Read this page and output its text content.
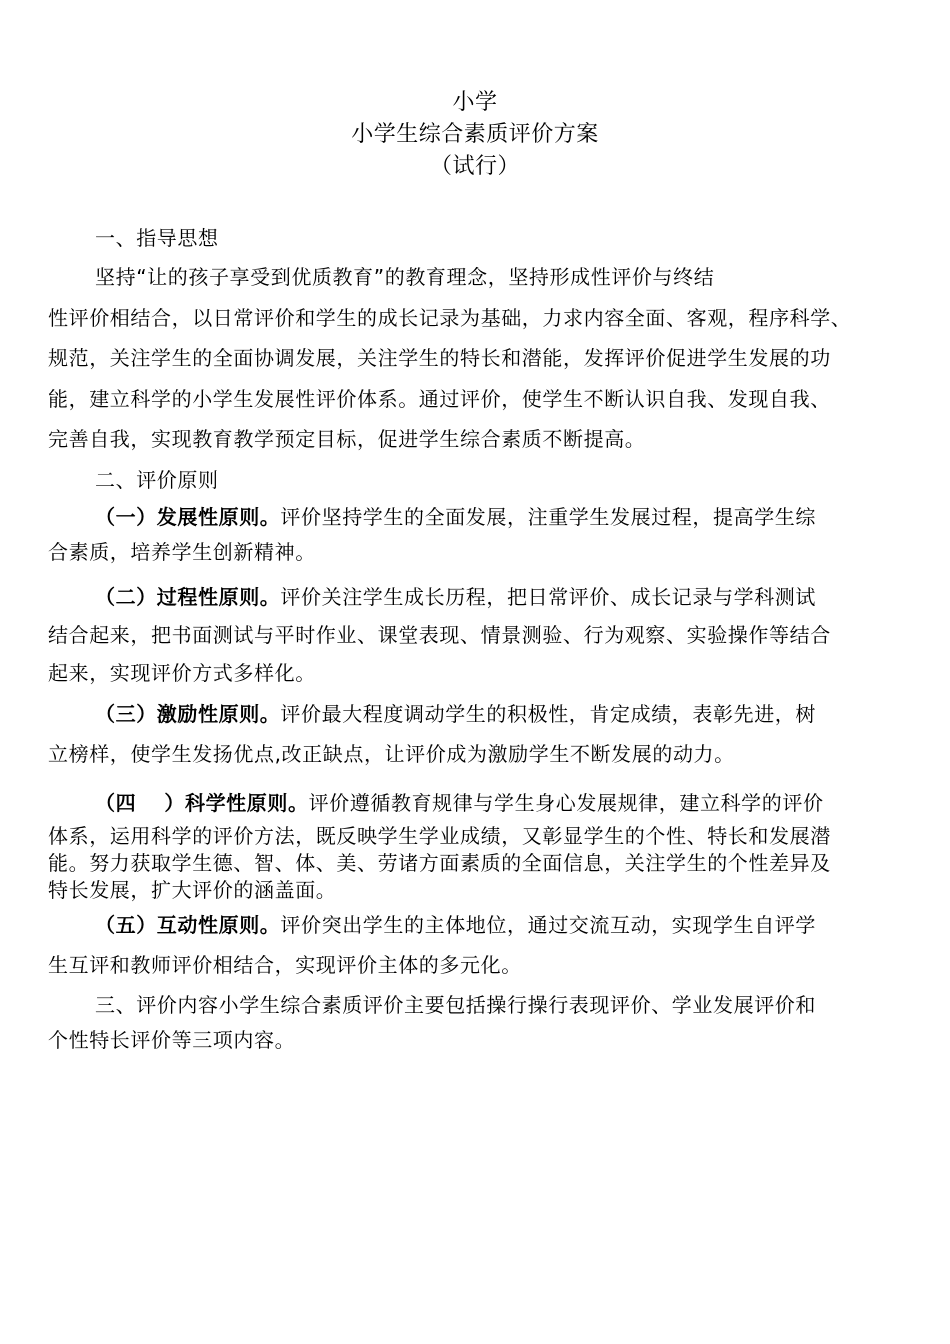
小学
小学生综合素质评价方案
（试行）
一、指导思想
坚持“让的孩子享受到优质教育”的教育理念，坚持形成性评价与终结
性评价相结合，以日常评价和学生的成长记录为基础，力求内容全面、客观，程序科学、
规范，关注学生的全面协调发展，关注学生的特长和潜能，发挥评价促进学生发展的功
能，建立科学的小学生发展性评价体系。通过评价，使学生不断认识自我、发现自我、
完善自我，实现教育教学预定目标，促进学生综合素质不断提高。
二、评价原则
（一）发展性原则。评价坚持学生的全面发展，注重学生发展过程，提高学生综
合素质，培养学生创新精神。
（二）过程性原则。评价关注学生成长历程，把日常评价、成长记录与学科测试
结合起来，把书面测试与平时作业、课堂表现、情景测验、行为观察、实验操作等结合
起来，实现评价方式多样化。
（三）激励性原则。评价最大程度调动学生的积极性，肯定成绩，表彰先进，树
立榜样，使学生发扬优点,改正缺点，让评价成为激励学生不断发展的动力。
（四　 ）科学性原则。评价遵循教育规律与学生身心发展规律，建立科学的评价
体系，运用科学的评价方法，既反映学生学业成绩，又彰显学生的个性、特长和发展潜
能。努力获取学生德、智、体、美、劳诸方面素质的全面信息，关注学生的个性差异及
特长发展，扩大评价的涵盖面。
（五）互动性原则。评价突出学生的主体地位，通过交流互动，实现学生自评学
生互评和教师评价相结合，实现评价主体的多元化。
三、评价内容小学生综合素质评价主要包括操行操行表现评价、学业发展评价和
个性特长评价等三项内容。
